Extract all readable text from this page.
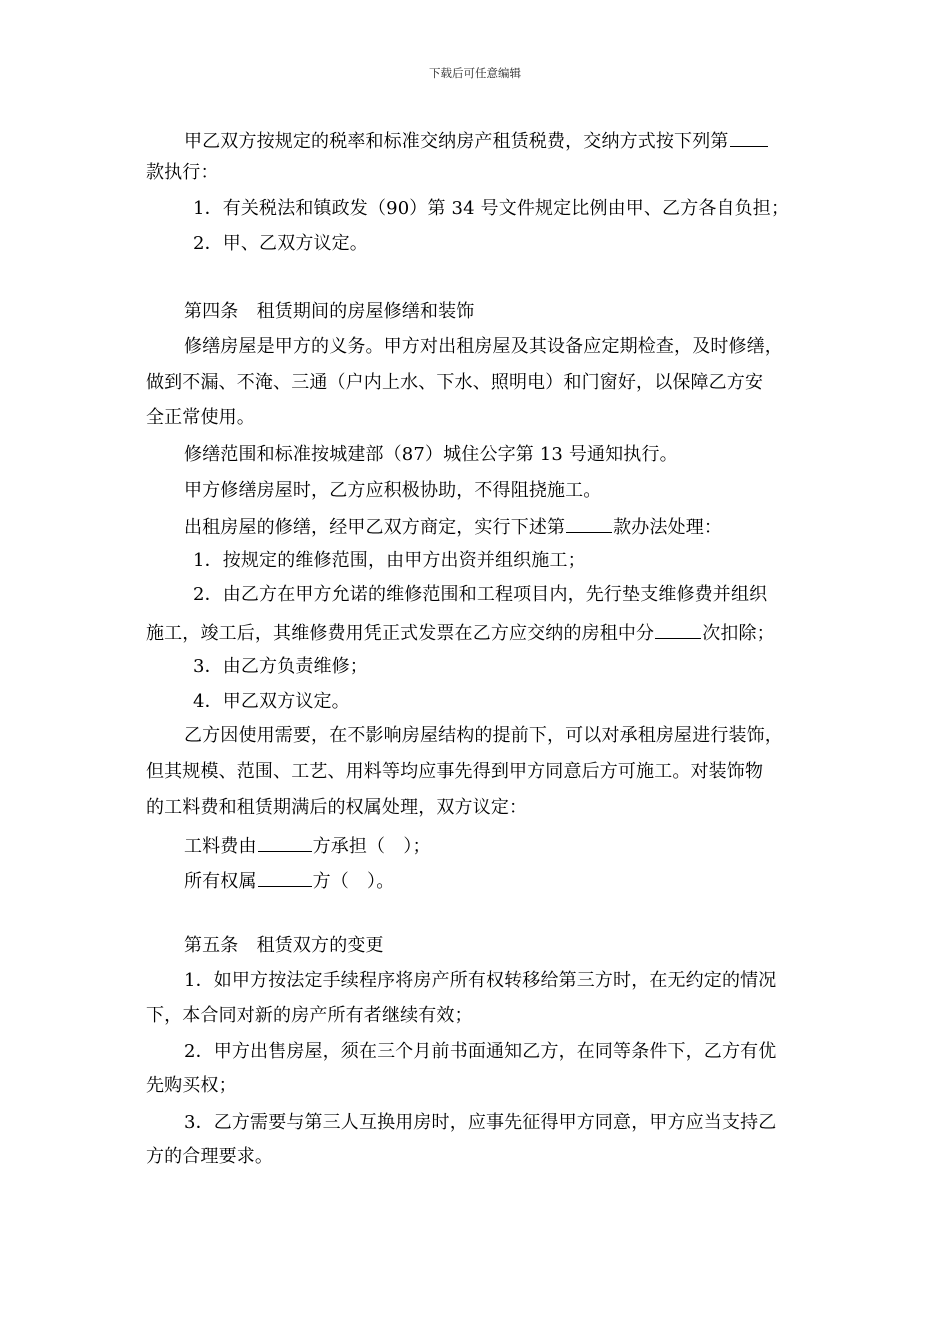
下载后可任意编辑
甲乙双方按规定的税率和标准交纳房产租赁税费，交纳方式按下列第
款执行：
1．有关税法和镇政发（90）第 34 号文件规定比例由甲、乙方各自负担；
2．甲、乙双方议定。
第四条　租赁期间的房屋修缮和装饰
修缮房屋是甲方的义务。甲方对出租房屋及其设备应定期检查，及时修缮，
做到不漏、不淹、三通（户内上水、下水、照明电）和门窗好，以保障乙方安
全正常使用。
修缮范围和标准按城建部（87）城住公字第 13 号通知执行。
甲方修缮房屋时，乙方应积极协助，不得阻挠施工。
出租房屋的修缮，经甲乙双方商定，实行下述第	款办法处理：
1．按规定的维修范围，由甲方出资并组织施工；
2．由乙方在甲方允诺的维修范围和工程项目内，先行垫支维修费并组织
施工，竣工后，其维修费用凭正式发票在乙方应交纳的房租中分	次扣除；
3．由乙方负责维修；
4．甲乙双方议定。
乙方因使用需要，在不影响房屋结构的提前下，可以对承租房屋进行装饰，
但其规模、范围、工艺、用料等均应事先得到甲方同意后方可施工。对装饰物
的工料费和租赁期满后的权属处理，双方议定：
工料费由	方承担（　）；
所有权属	方（　）。
第五条　租赁双方的变更
1．如甲方按法定手续程序将房产所有权转移给第三方时，在无约定的情况
下，本合同对新的房产所有者继续有效；
2．甲方出售房屋，须在三个月前书面通知乙方，在同等条件下，乙方有优
先购买权；
3．乙方需要与第三人互换用房时，应事先征得甲方同意，甲方应当支持乙
方的合理要求。
